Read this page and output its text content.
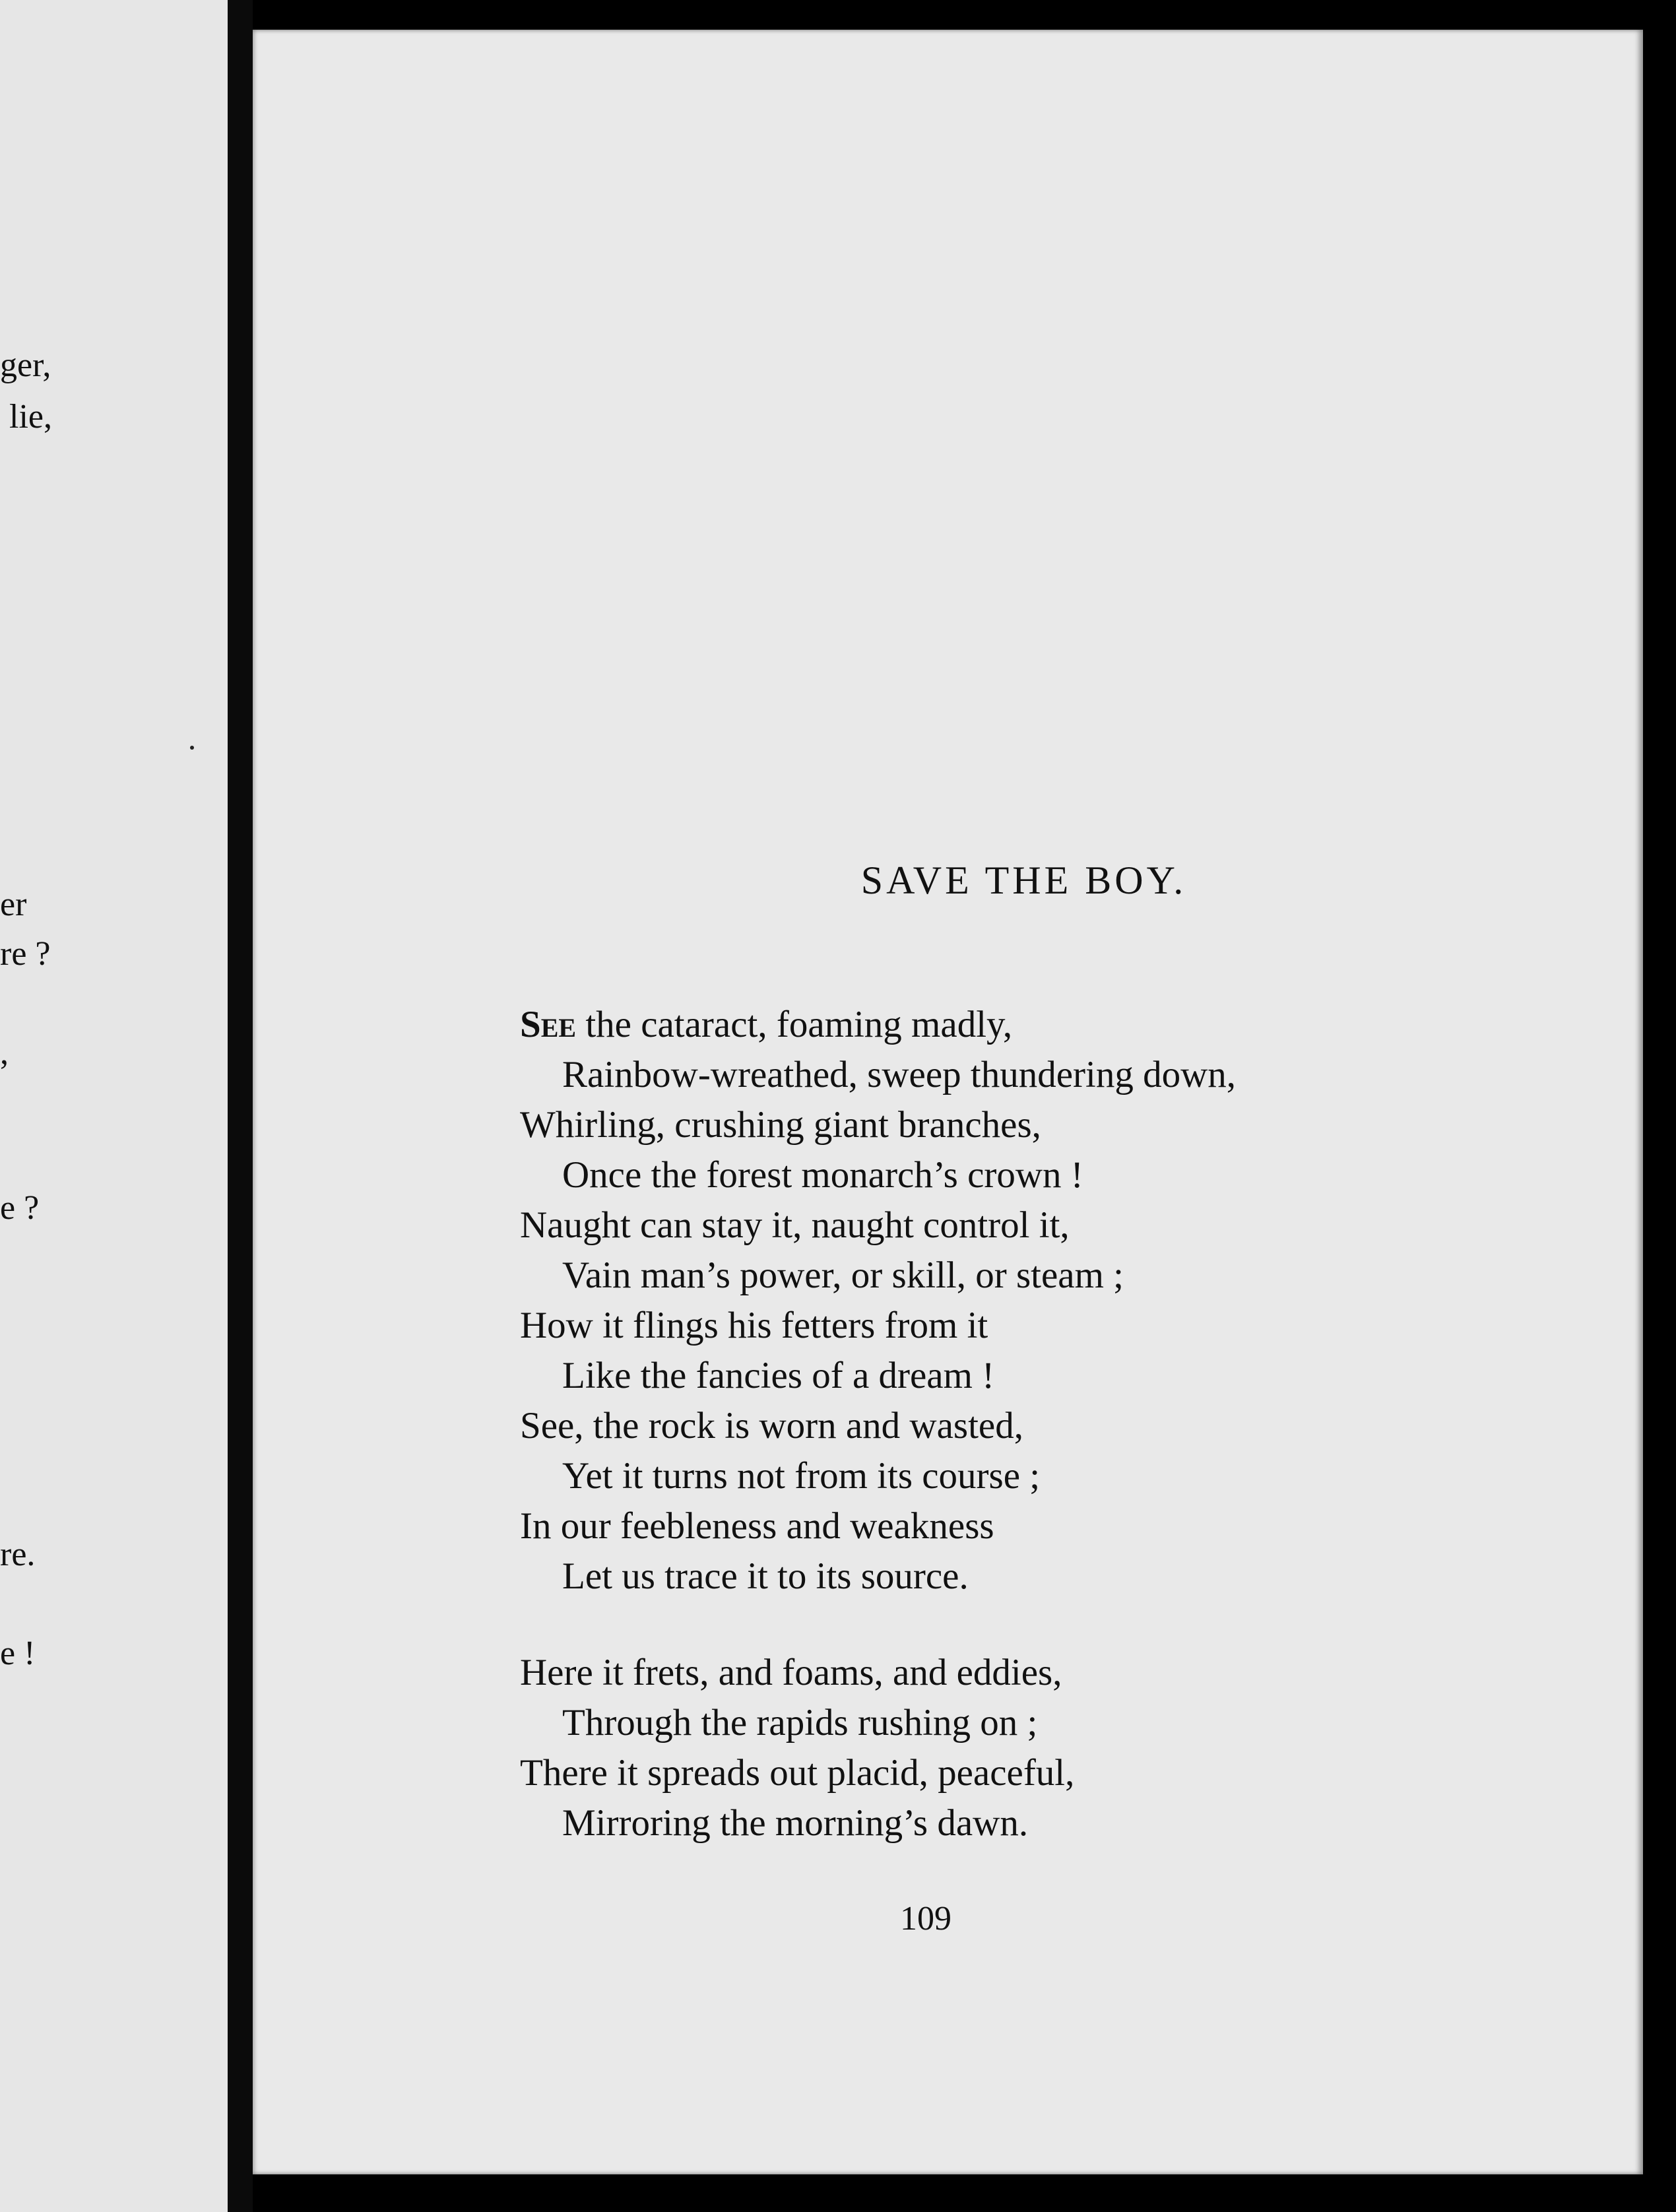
ger,

lie,

er

re ?

,

e ?

re.

e !

SAVE THE BOY.

See the cataract, foaming madly,

Rainbow-wreathed, sweep thundering down,

Whirling, crushing giant branches,

Once the forest monarch’s crown !

Naught can stay it, naught control it,

Vain man’s power, or skill, or steam ;

How it flings his fetters from it

Like the fancies of a dream !

See, the rock is worn and wasted,

Yet it turns not from its course ;

In our feebleness and weakness

Let us trace it to its source.

Here it frets, and foams, and eddies,

Through the rapids rushing on ;

There it spreads out placid, peaceful,

Mirroring the morning’s dawn.

109
